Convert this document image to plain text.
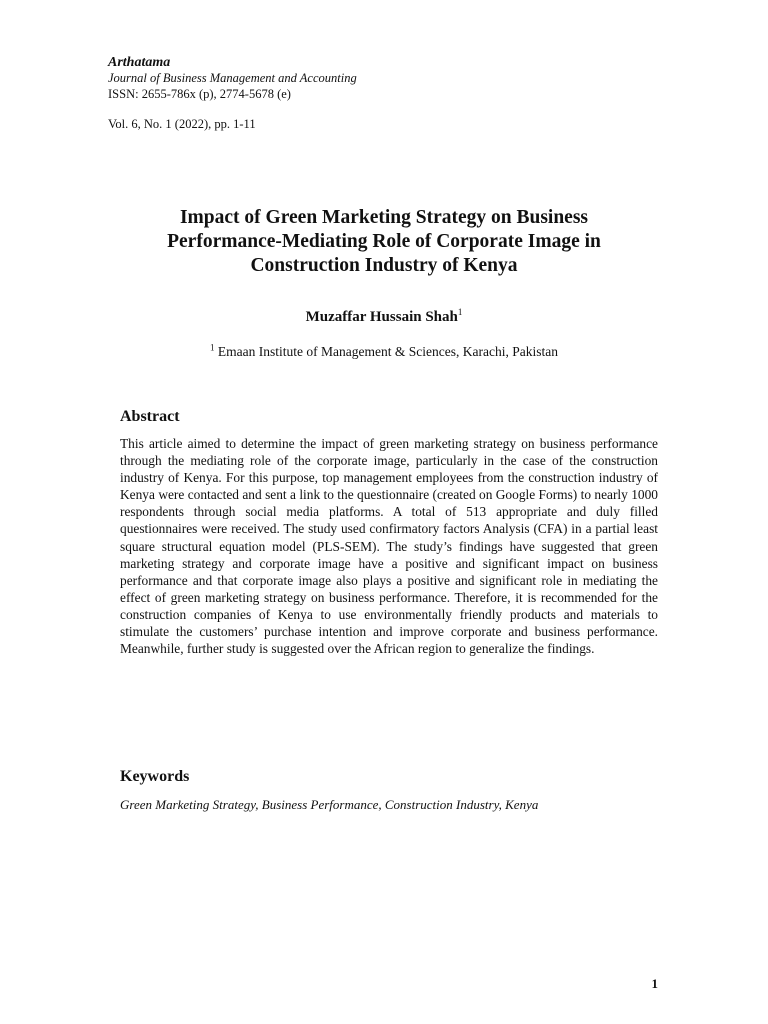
Arthatama
Journal of Business Management and Accounting
ISSN: 2655-786x (p), 2774-5678 (e)
Vol. 6, No. 1 (2022), pp. 1-11
Impact of Green Marketing Strategy on Business
Performance-Mediating Role of Corporate Image in
Construction Industry of Kenya
Muzaffar Hussain Shah$^1$
$^1$ Emaan Institute of Management & Sciences, Karachi, Pakistan
Abstract
This article aimed to determine the impact of green marketing strategy on business performance through the mediating role of the corporate image, particularly in the case of the construction industry of Kenya. For this purpose, top management employees from the construction industry of Kenya were contacted and sent a link to the questionnaire (created on Google Forms) to nearly 1000 respondents through social media platforms. A total of 513 appropriate and duly filled questionnaires were received. The study used confirmatory factors Analysis (CFA) in a partial least square structural equation model (PLS-SEM). The study’s findings have suggested that green marketing strategy and corporate image have a positive and significant impact on business performance and that corporate image also plays a positive and significant role in mediating the effect of green marketing strategy on business performance. Therefore, it is recommended for the construction companies of Kenya to use environmentally friendly products and materials to stimulate the customers’ purchase intention and improve corporate and business performance. Meanwhile, further study is suggested over the African region to generalize the findings.
Keywords
Green Marketing Strategy, Business Performance, Construction Industry, Kenya
1
